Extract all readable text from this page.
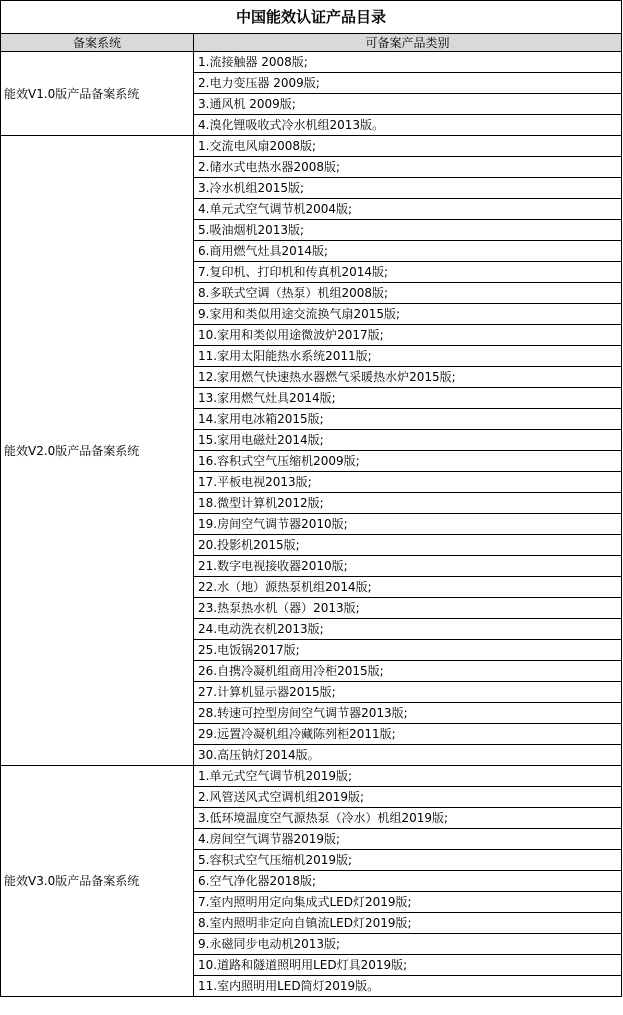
中国能效认证产品目录	
备案系统	可备案产品类别
能效V1.0版产品备案系统	1.流接触器 2008版;
	2.电力变压器 2009版;
	3.通风机 2009版;
	4.溴化锂吸收式冷水机组2013版。
能效V2.0版产品备案系统	1.交流电风扇2008版;
	2.储水式电热水器2008版;
	3.冷水机组2015版;
	4.单元式空气调节机2004版;
	5.吸油烟机2013版;
	6.商用燃气灶具2014版;
	7.复印机、打印机和传真机2014版;
	8.多联式空调（热泵）机组2008版;
	9.家用和类似用途交流换气扇2015版;
	10.家用和类似用途微波炉2017版;
	11.家用太阳能热水系统2011版;
	12.家用燃气快速热水器燃气采暖热水炉2015版;
	13.家用燃气灶具2014版;
	14.家用电冰箱2015版;
	15.家用电磁灶2014版;
	16.容积式空气压缩机2009版;
	17.平板电视2013版;
	18.微型计算机2012版;
	19.房间空气调节器2010版;
	20.投影机2015版;
	21.数字电视接收器2010版;
	22.水（地）源热泵机组2014版;
	23.热泵热水机（器）2013版;
	24.电动洗衣机2013版;
	25.电饭锅2017版;
	26.自携冷凝机组商用冷柜2015版;
	27.计算机显示器2015版;
	28.转速可控型房间空气调节器2013版;
	29.远置冷凝机组冷藏陈列柜2011版;
	30.高压钠灯2014版。
能效V3.0版产品备案系统	1.单元式空气调节机2019版;
	2.风管送风式空调机组2019版;
	3.低环境温度空气源热泵（冷水）机组2019版;
	4.房间空气调节器2019版;
	5.容积式空气压缩机2019版;
	6.空气净化器2018版;
	7.室内照明用定向集成式LED灯2019版;
	8.室内照明非定向自镇流LED灯2019版;
	9.永磁同步电动机2013版;
	10.道路和隧道照明用LED灯具2019版;
	11.室内照明用LED筒灯2019版。
